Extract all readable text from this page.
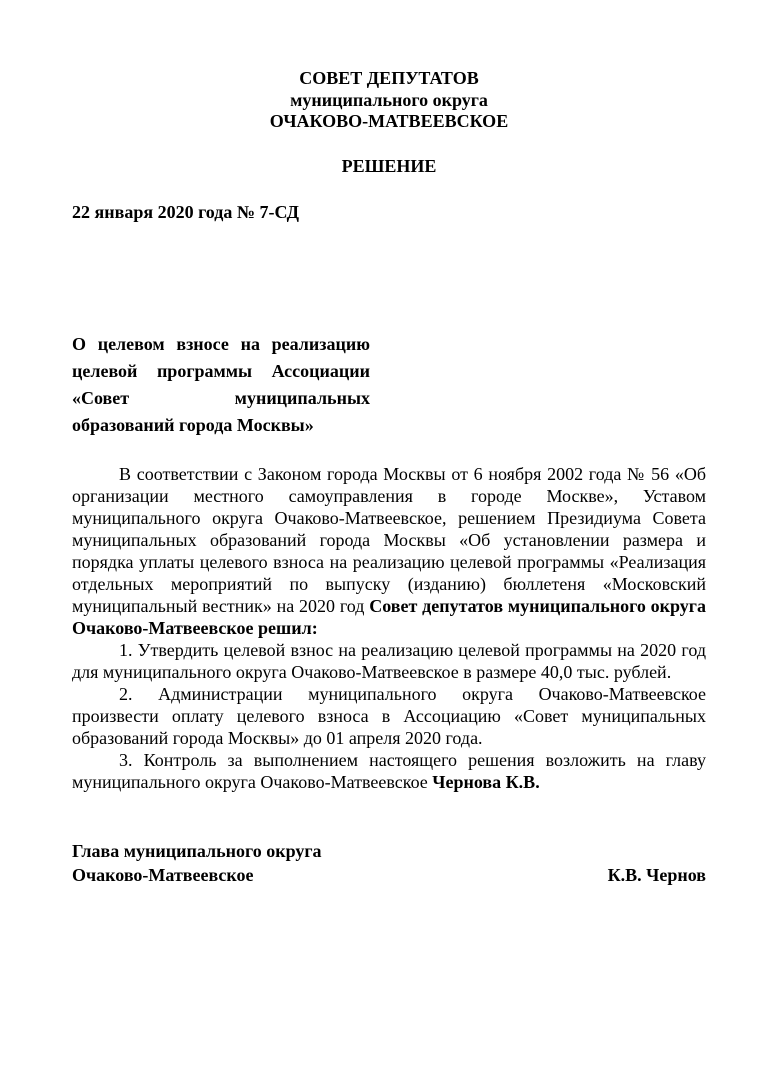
СОВЕТ ДЕПУТАТОВ
муниципального округа
ОЧАКОВО-МАТВЕЕВСКОЕ
РЕШЕНИЕ
22 января 2020 года № 7-СД
О целевом взносе на реализацию целевой программы Ассоциации «Совет муниципальных образований города Москвы»

В соответствии с Законом города Москвы от 6 ноября 2002 года № 56 «Об организации местного самоуправления в городе Москве», Уставом муниципального округа Очаково-Матвеевское, решением Президиума Совета муниципальных образований города Москвы «Об установлении размера и порядка уплаты целевого взноса на реализацию целевой программы «Реализация отдельных мероприятий по выпуску (изданию) бюллетеня «Московский муниципальный вестник» на 2020 год Совет депутатов муниципального округа Очаково-Матвеевское решил:

1. Утвердить целевой взнос на реализацию целевой программы на 2020 год для муниципального округа Очаково-Матвеевское в размере 40,0 тыс. рублей.

2. Администрации муниципального округа Очаково-Матвеевское произвести оплату целевого взноса в Ассоциацию «Совет муниципальных образований города Москвы» до 01 апреля 2020 года.

3. Контроль за выполнением настоящего решения возложить на главу муниципального округа Очаково-Матвеевское Чернова К.В.

Глава муниципального округа
Очаково-Матвеевское	К.В. Чернов
